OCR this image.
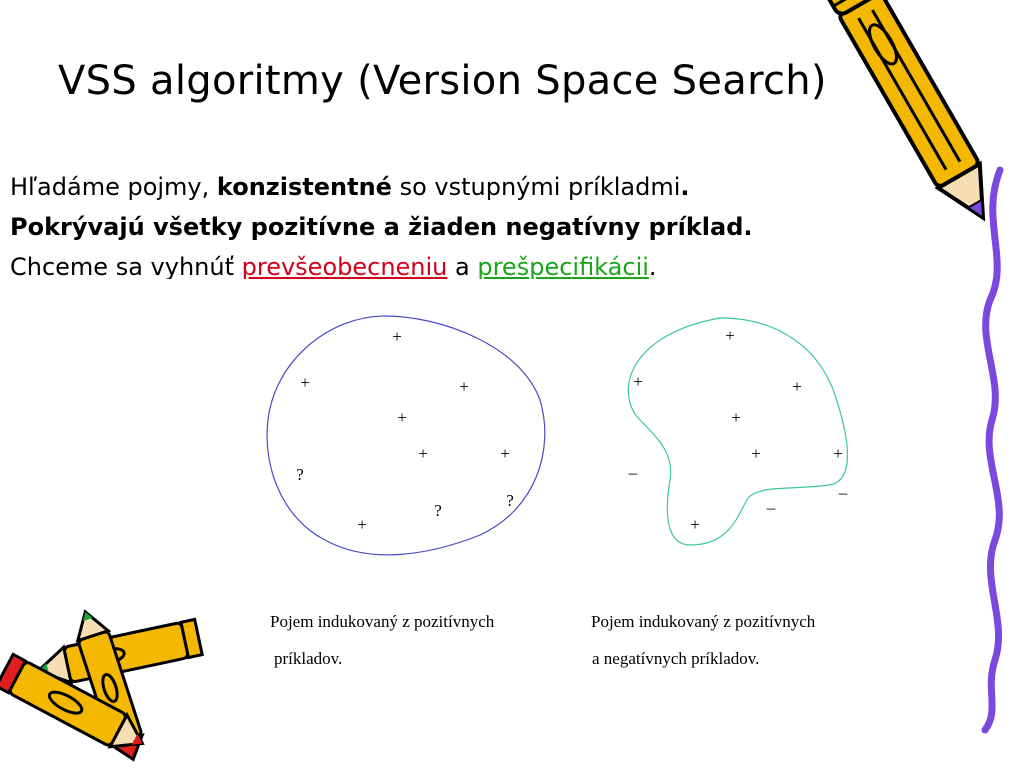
VSS algoritmy (Version Space Search)
Hľadáme pojmy, konzistentné so vstupnými príkladmi.
Pokrývajú všetky pozitívne a žiaden negatívny príklad.
Chceme sa vyhnúť prevšeobecneniu a prešpecifikácii.
+
+	+
+
+	+
?
?
?
+
+
+	+
+
+	+
–
–
–
+
Pojem indukovaný z pozitívnych
príkladov.
Pojem indukovaný z pozitívnych
a negatívnych príkladov.
